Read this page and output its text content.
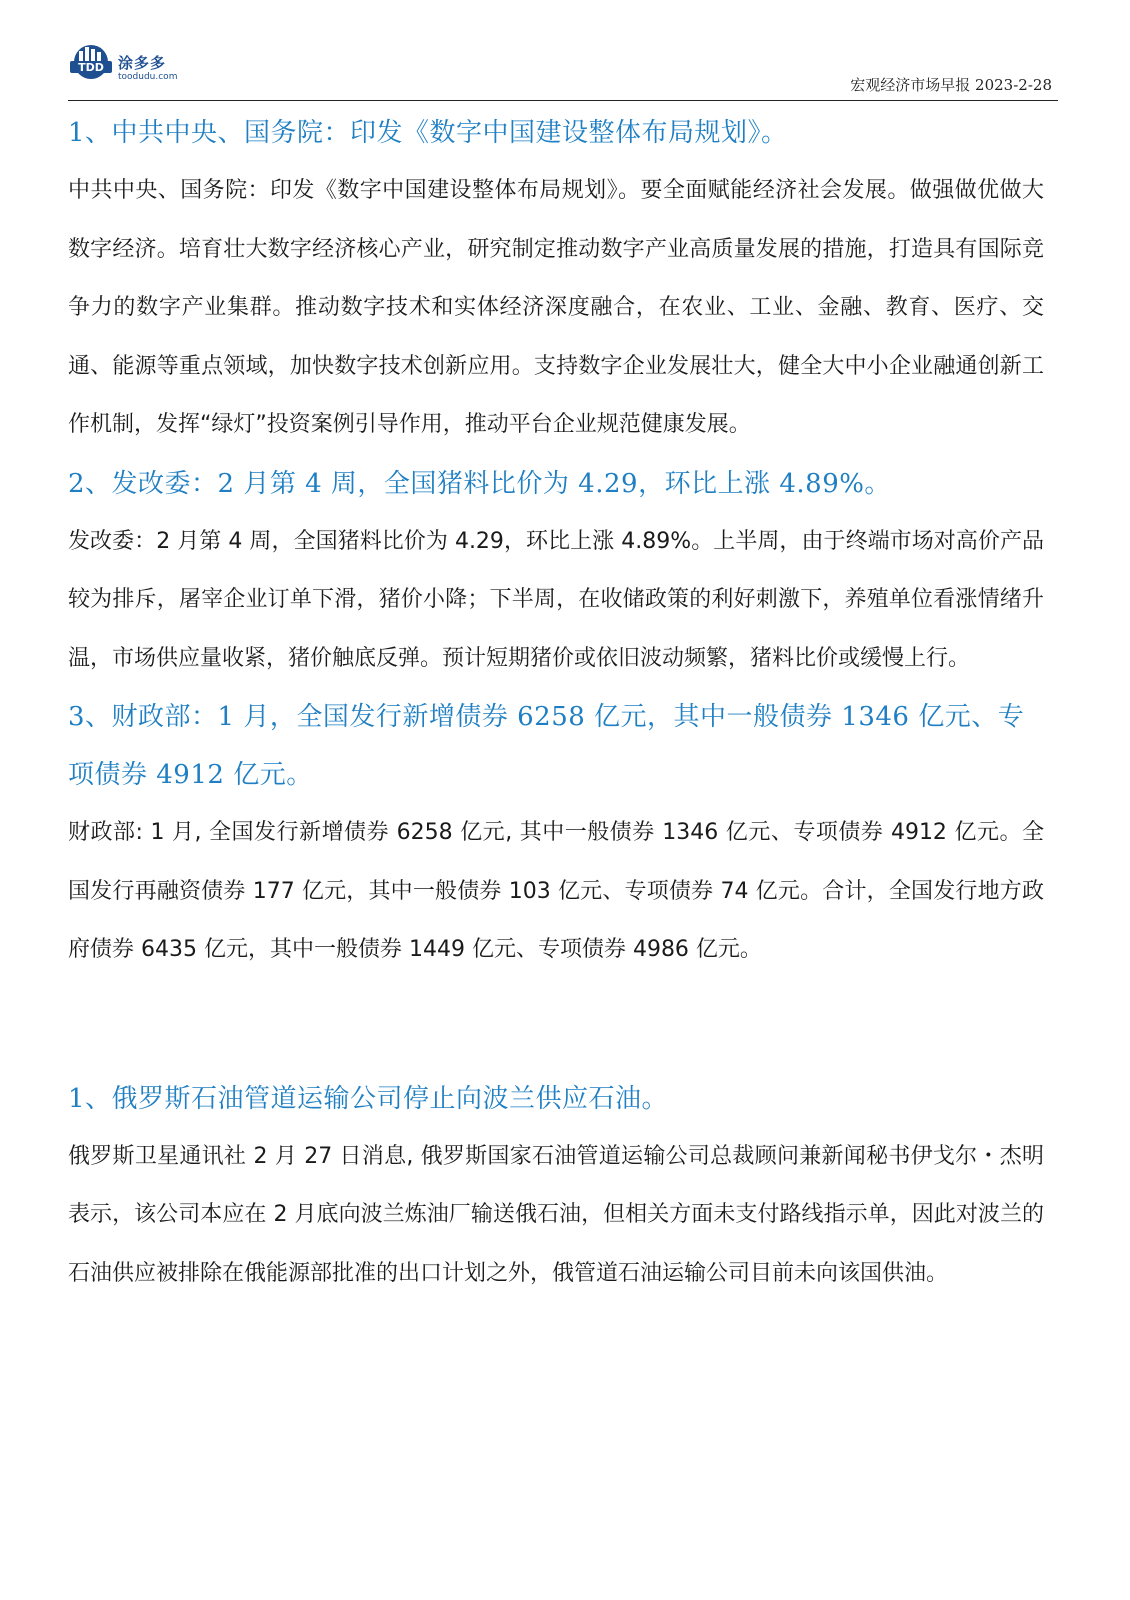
TDD 涂多多
toodudu.com	宏观经济市场早报 2023-2-28
1、中共中央、国务院：印发《数字中国建设整体布局规划》。

中共中央、国务院：印发《数字中国建设整体布局规划》。要全面赋能经济社会发展。做强做优做大数字经济。培育壮大数字经济核心产业，研究制定推动数字产业高质量发展的措施，打造具有国际竞争力的数字产业集群。推动数字技术和实体经济深度融合，在农业、工业、金融、教育、医疗、交通、能源等重点领域，加快数字技术创新应用。支持数字企业发展壮大，健全大中小企业融通创新工作机制，发挥“绿灯”投资案例引导作用，推动平台企业规范健康发展。

2、发改委：2 月第 4 周，全国猪料比价为 4.29，环比上涨 4.89%。

发改委：2 月第 4 周，全国猪料比价为 4.29，环比上涨 4.89%。上半周，由于终端市场对高价产品较为排斥，屠宰企业订单下滑，猪价小降；下半周，在收储政策的利好刺激下，养殖单位看涨情绪升温，市场供应量收紧，猪价触底反弹。预计短期猪价或依旧波动频繁，猪料比价或缓慢上行。

3、财政部：1 月，全国发行新增债券 6258 亿元，其中一般债券 1346 亿元、专项债券 4912 亿元。

财政部: 1 月, 全国发行新增债券 6258 亿元, 其中一般债券 1346 亿元、专项债券 4912 亿元。全国发行再融资债券 177 亿元，其中一般债券 103 亿元、专项债券 74 亿元。合计，全国发行地方政府债券 6435 亿元，其中一般债券 1449 亿元、专项债券 4986 亿元。

1、俄罗斯石油管道运输公司停止向波兰供应石油。

俄罗斯卫星通讯社 2 月 27 日消息, 俄罗斯国家石油管道运输公司总裁顾问兼新闻秘书伊戈尔・杰明表示，该公司本应在 2 月底向波兰炼油厂输送俄石油，但相关方面未支付路线指示单，因此对波兰的石油供应被排除在俄能源部批准的出口计划之外，俄管道石油运输公司目前未向该国供油。
